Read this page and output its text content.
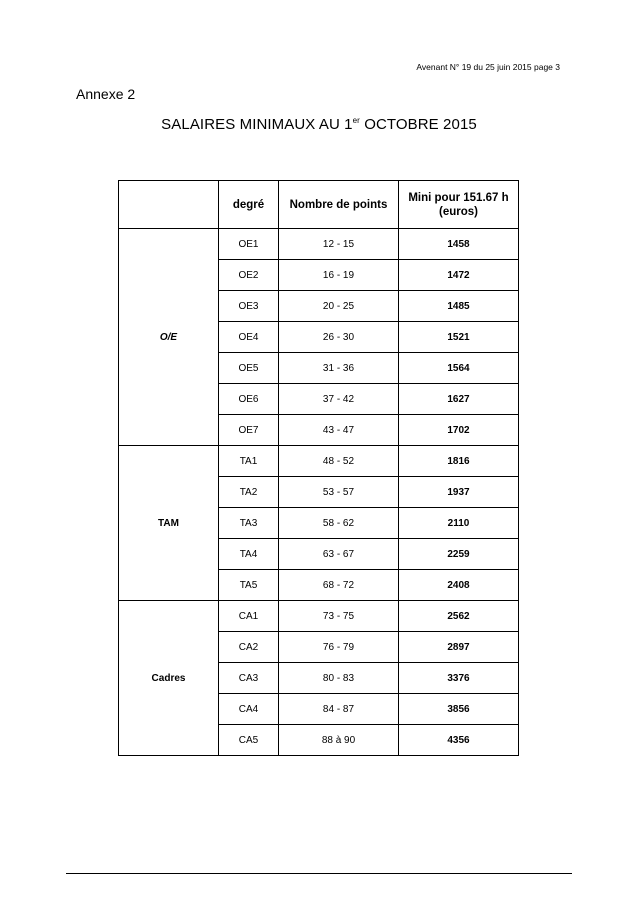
Avenant N° 19 du 25 juin 2015 page 3
Annexe 2
SALAIRES MINIMAUX AU 1er OCTOBRE 2015
	degré	Nombre de points	Mini pour 151.67 h (euros)
O/E	OE1	12 - 15	1458
	OE2	16 - 19	1472
	OE3	20 - 25	1485
	OE4	26 - 30	1521
	OE5	31 - 36	1564
	OE6	37 - 42	1627
	OE7	43 - 47	1702
TAM	TA1	48 - 52	1816
	TA2	53 - 57	1937
	TA3	58 - 62	2110
	TA4	63 - 67	2259
	TA5	68 - 72	2408
Cadres	CA1	73 - 75	2562
	CA2	76 - 79	2897
	CA3	80 - 83	3376
	CA4	84 - 87	3856
	CA5	88 à 90	4356
